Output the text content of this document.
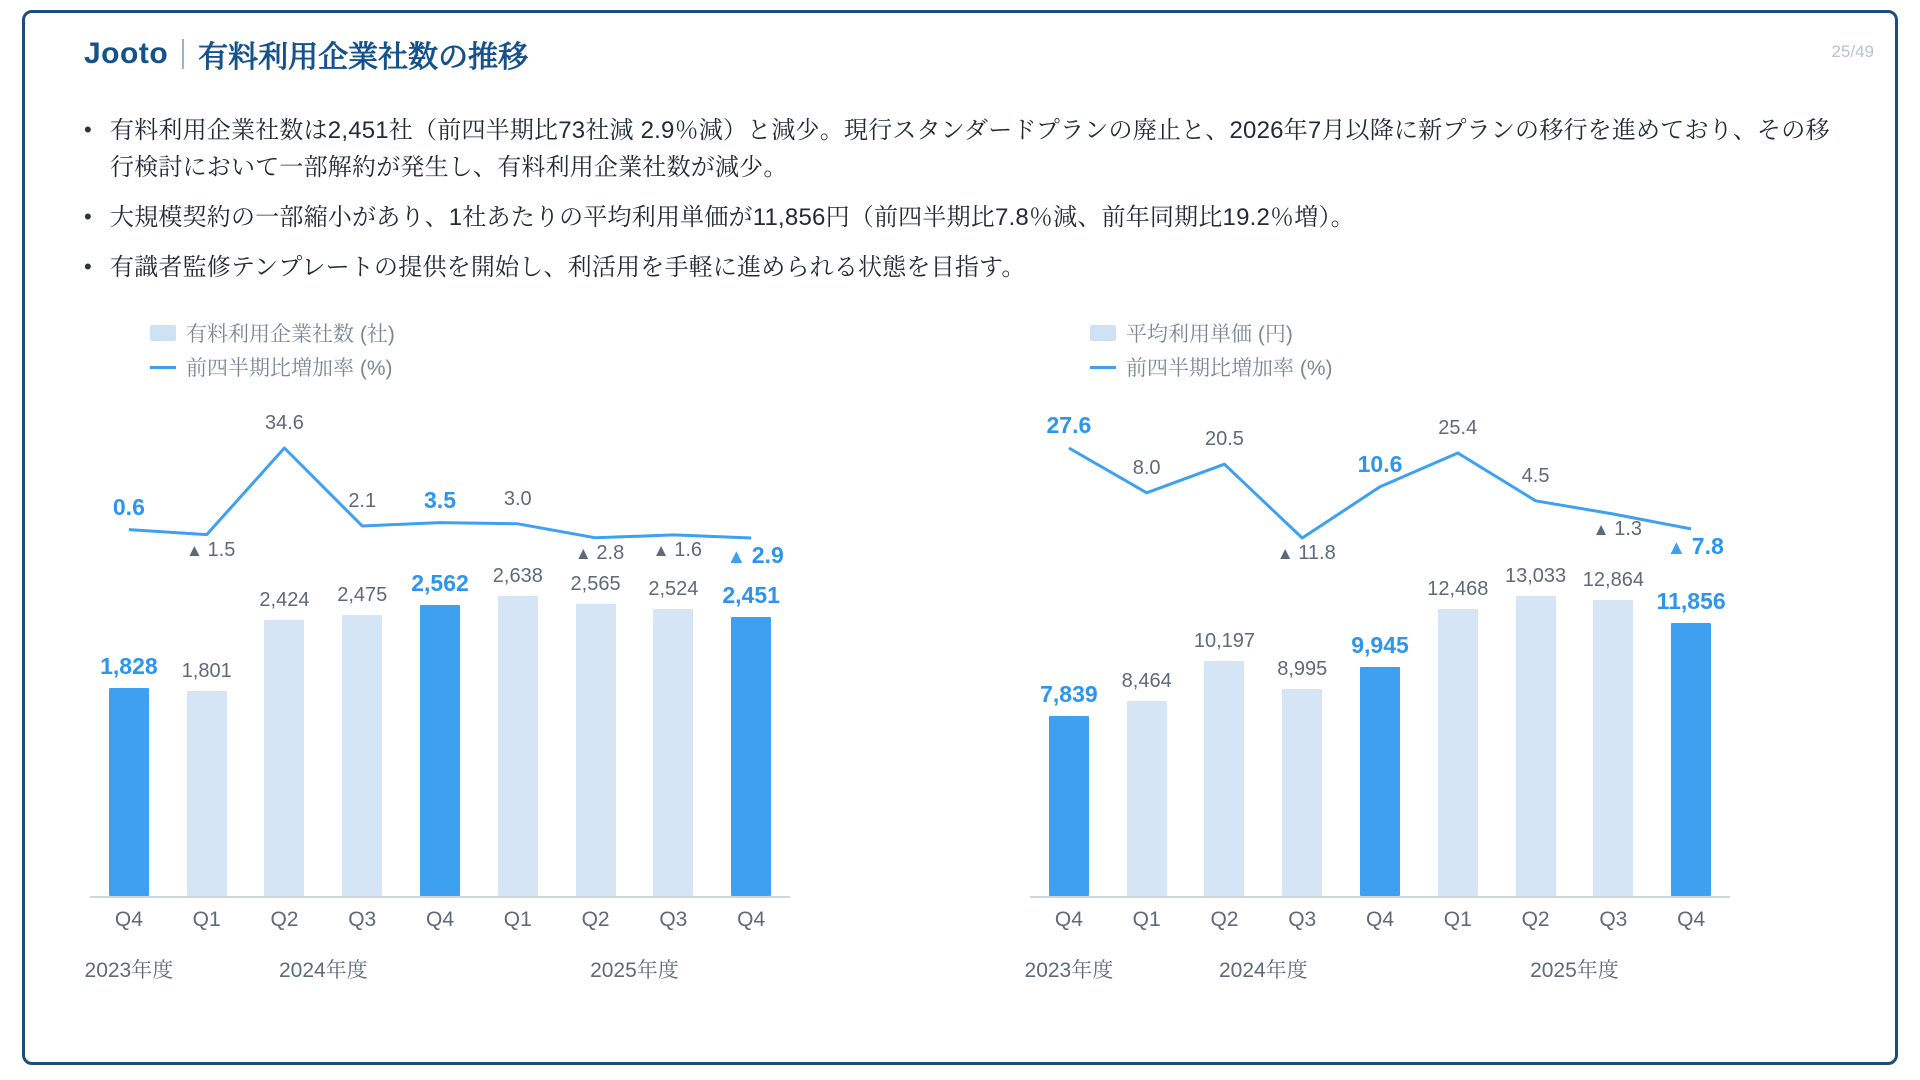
Jooto 有料利用企業社数の推移	25/49
• 有料利用企業社数は2,451社（前四半期比73社減 2.9％減）と減少。現行スタンダードプランの廃止と、2026年7月以降に新プランの移行を進めており、その移行検討において一部解約が発生し、有料利用企業社数が減少。
• 大規模契約の一部縮小があり、1社あたりの平均利用単価が11,856円（前四半期比7.8％減、前年同期比19.2％増）。
• 有識者監修テンプレートの提供を開始し、利活用を手軽に進められる状態を目指す。
有料利用企業社数 (社)
前四半期比増加率 (%)
1,828 1,801
2,424 2,475 2,562 2,638 2,565 2,524 2,451
0.6
▲ 1.5
34.6
2.1 3.5 3.0
▲ 2.8 ▲ 1.6 ▲ 2.9
Q4	Q1	Q2	Q3	Q4	Q1	Q2	Q3	Q4
2023年度	2024年度	2025年度
平均利用単価 (円)
前四半期比増加率 (%)
7,839 8,464
10,197
8,995
9,945
12,468
13,033 12,864
11,856
27.6
8.0
20.5
▲ 11.8
10.6
25.4
4.5
▲ 1.3
▲ 7.8
Q4	Q1	Q2	Q3	Q4	Q1	Q2	Q3	Q4
2023年度	2024年度	2025年度
